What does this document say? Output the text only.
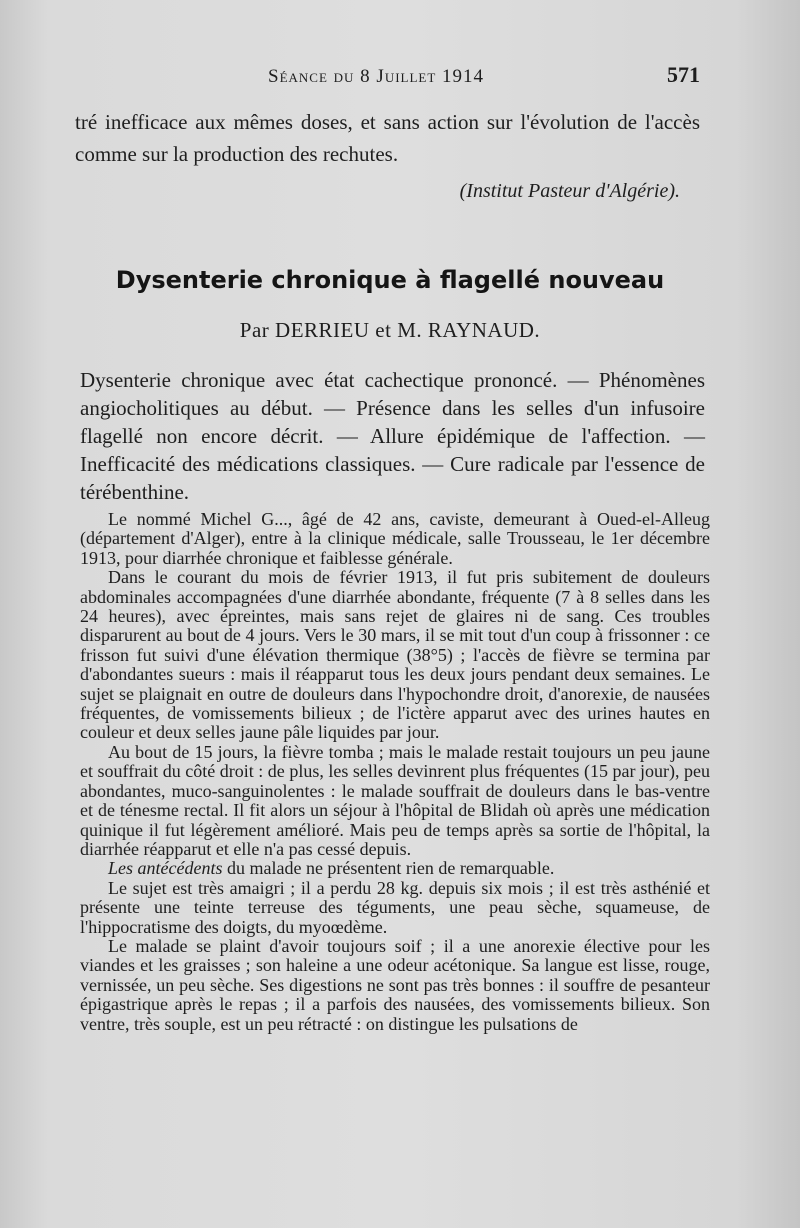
Séance du 8 Juillet 1914	571
tré inefficace aux mêmes doses, et sans action sur l'évolution de l'accès comme sur la production des rechutes.
(Institut Pasteur d'Algérie).
Dysenterie chronique à flagellé nouveau
Par DERRIEU et M. RAYNAUD.
Dysenterie chronique avec état cachectique prononcé. — Phénomènes angiocholitiques au début. — Présence dans les selles d'un infusoire flagellé non encore décrit. — Allure épidémique de l'affection. — Inefficacité des médications classiques. — Cure radicale par l'essence de térébenthine.

Le nommé Michel G..., âgé de 42 ans, caviste, demeurant à Oued-el-Alleug (département d'Alger), entre à la clinique médicale, salle Trousseau, le 1er décembre 1913, pour diarrhée chronique et faiblesse générale.

Dans le courant du mois de février 1913, il fut pris subitement de douleurs abdominales accompagnées d'une diarrhée abondante, fréquente (7 à 8 selles dans les 24 heures), avec épreintes, mais sans rejet de glaires ni de sang. Ces troubles disparurent au bout de 4 jours. Vers le 30 mars, il se mit tout d'un coup à frissonner : ce frisson fut suivi d'une élévation thermique (38°5) ; l'accès de fièvre se termina par d'abondantes sueurs : mais il réapparut tous les deux jours pendant deux semaines. Le sujet se plaignait en outre de douleurs dans l'hypochondre droit, d'anorexie, de nausées fréquentes, de vomissements bilieux ; de l'ictère apparut avec des urines hautes en couleur et deux selles jaune pâle liquides par jour.

Au bout de 15 jours, la fièvre tomba ; mais le malade restait toujours un peu jaune et souffrait du côté droit : de plus, les selles devinrent plus fréquentes (15 par jour), peu abondantes, muco-sanguinolentes : le malade souffrait de douleurs dans le bas-ventre et de ténesme rectal. Il fit alors un séjour à l'hôpital de Blidah où après une médication quinique il fut légèrement amélioré. Mais peu de temps après sa sortie de l'hôpital, la diarrhée réapparut et elle n'a pas cessé depuis.

Les antécédents du malade ne présentent rien de remarquable.

Le sujet est très amaigri ; il a perdu 28 kg. depuis six mois ; il est très asthénié et présente une teinte terreuse des téguments, une peau sèche, squameuse, de l'hippocratisme des doigts, du myoœdème.

Le malade se plaint d'avoir toujours soif ; il a une anorexie élective pour les viandes et les graisses ; son haleine a une odeur acétonique. Sa langue est lisse, rouge, vernissée, un peu sèche. Ses digestions ne sont pas très bonnes : il souffre de pesanteur épigastrique après le repas ; il a parfois des nausées, des vomissements bilieux. Son ventre, très souple, est un peu rétracté : on distingue les pulsations de
